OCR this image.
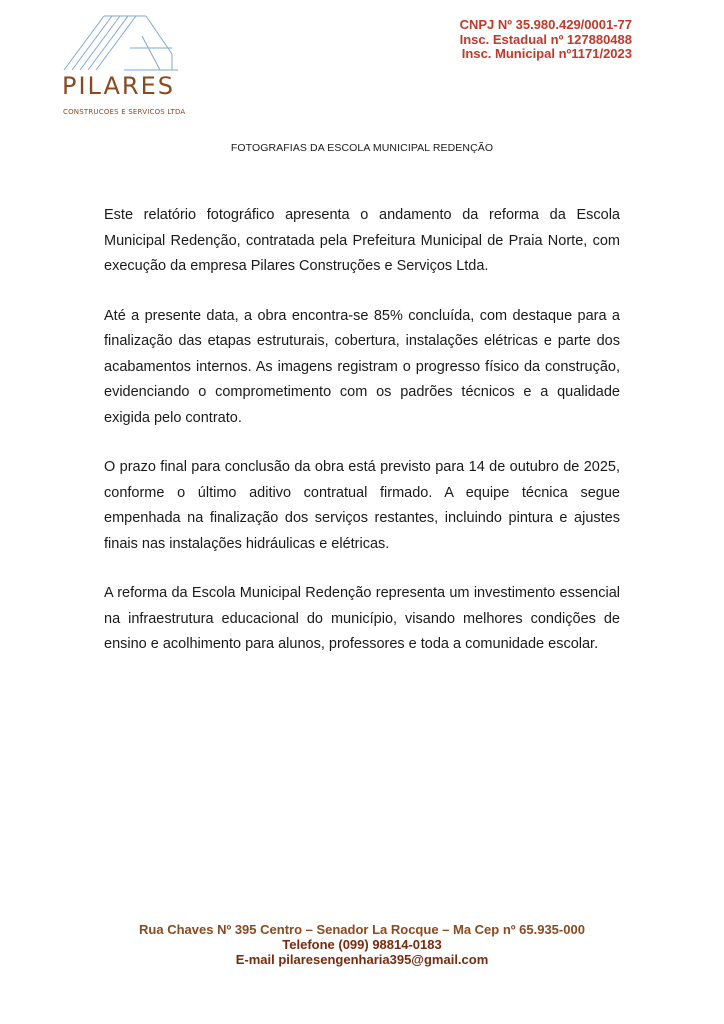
PILARES
CONSTRUCOES E SERVICOS LTDA
CNPJ Nº 35.980.429/0001-77
Insc. Estadual nº 127880488
Insc. Municipal nº1171/2023
FOTOGRAFIAS DA ESCOLA MUNICIPAL REDENÇÃO

Este relatório fotográfico apresenta o andamento da reforma da Escola Municipal Redenção, contratada pela Prefeitura Municipal de Praia Norte, com execução da empresa Pilares Construções e Serviços Ltda.

Até a presente data, a obra encontra-se 85% concluída, com destaque para a finalização das etapas estruturais, cobertura, instalações elétricas e parte dos acabamentos internos. As imagens registram o progresso físico da construção, evidenciando o comprometimento com os padrões técnicos e a qualidade exigida pelo contrato.

O prazo final para conclusão da obra está previsto para 14 de outubro de 2025, conforme o último aditivo contratual firmado. A equipe técnica segue empenhada na finalização dos serviços restantes, incluindo pintura e ajustes finais nas instalações hidráulicas e elétricas.

A reforma da Escola Municipal Redenção representa um investimento essencial na infraestrutura educacional do município, visando melhores condições de ensino e acolhimento para alunos, professores e toda a comunidade escolar.

Rua Chaves Nº 395 Centro – Senador La Rocque – Ma Cep nº 65.935-000
Telefone (099) 98814-0183
E-mail pilaresengenharia395@gmail.com
